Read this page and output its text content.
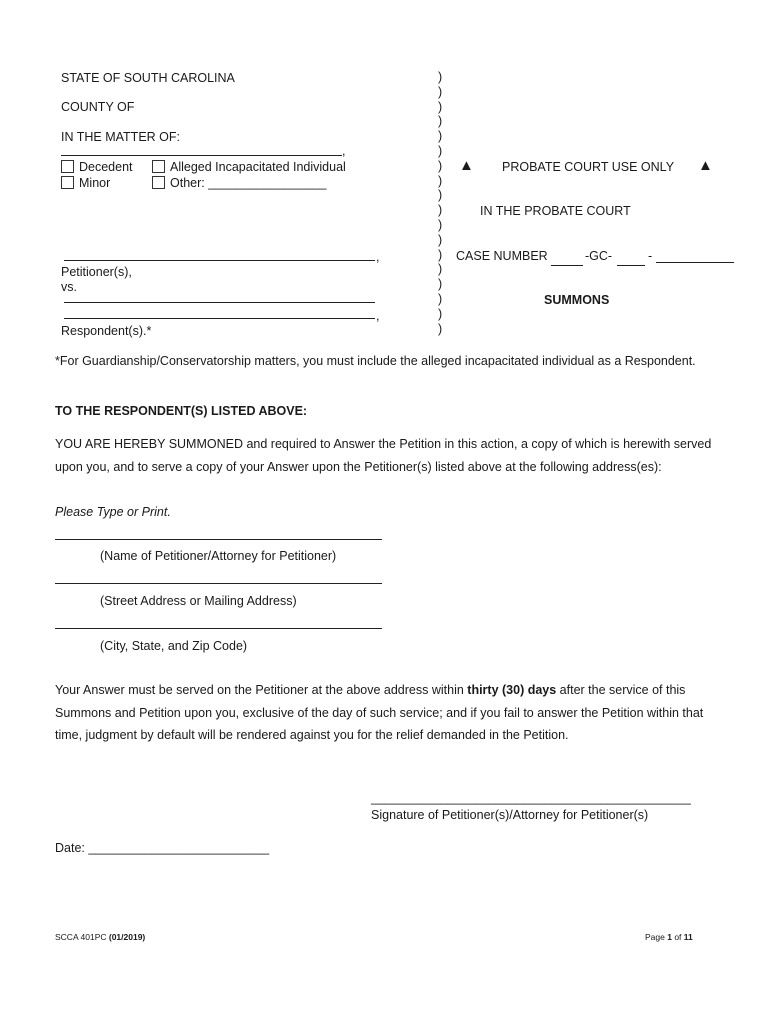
STATE OF SOUTH CAROLINA
COUNTY OF
IN THE MATTER OF:
,
Decedent
Minor
Alleged Incapacitated Individual
Other: _________________
,
Petitioner(s),
vs.
,
Respondent(s).*
)
)
)
)
)
)
)
)
)
)
)
)
)
)
)
)
)
)
▲ PROBATE COURT USE ONLY ▲
IN THE PROBATE COURT
CASE NUMBER	-GC-	-
SUMMONS
*For Guardianship/Conservatorship matters, you must include the alleged incapacitated individual as a Respondent.
TO THE RESPONDENT(S) LISTED ABOVE:
YOU ARE HEREBY SUMMONED and required to Answer the Petition in this action, a copy of which is herewith served upon you, and to serve a copy of your Answer upon the Petitioner(s) listed above at the following address(es):
Please Type or Print.
(Name of Petitioner/Attorney for Petitioner)
(Street Address or Mailing Address)
(City, State, and Zip Code)
Your Answer must be served on the Petitioner at the above address within thirty (30) days after the service of this Summons and Petition upon you, exclusive of the day of such service; and if you fail to answer the Petition within that time, judgment by default will be rendered against you for the relief demanded in the Petition.
______________________________________________
Signature of Petitioner(s)/Attorney for Petitioner(s)
Date: __________________________
SCCA 401PC (01/2019)	Page 1 of 11
